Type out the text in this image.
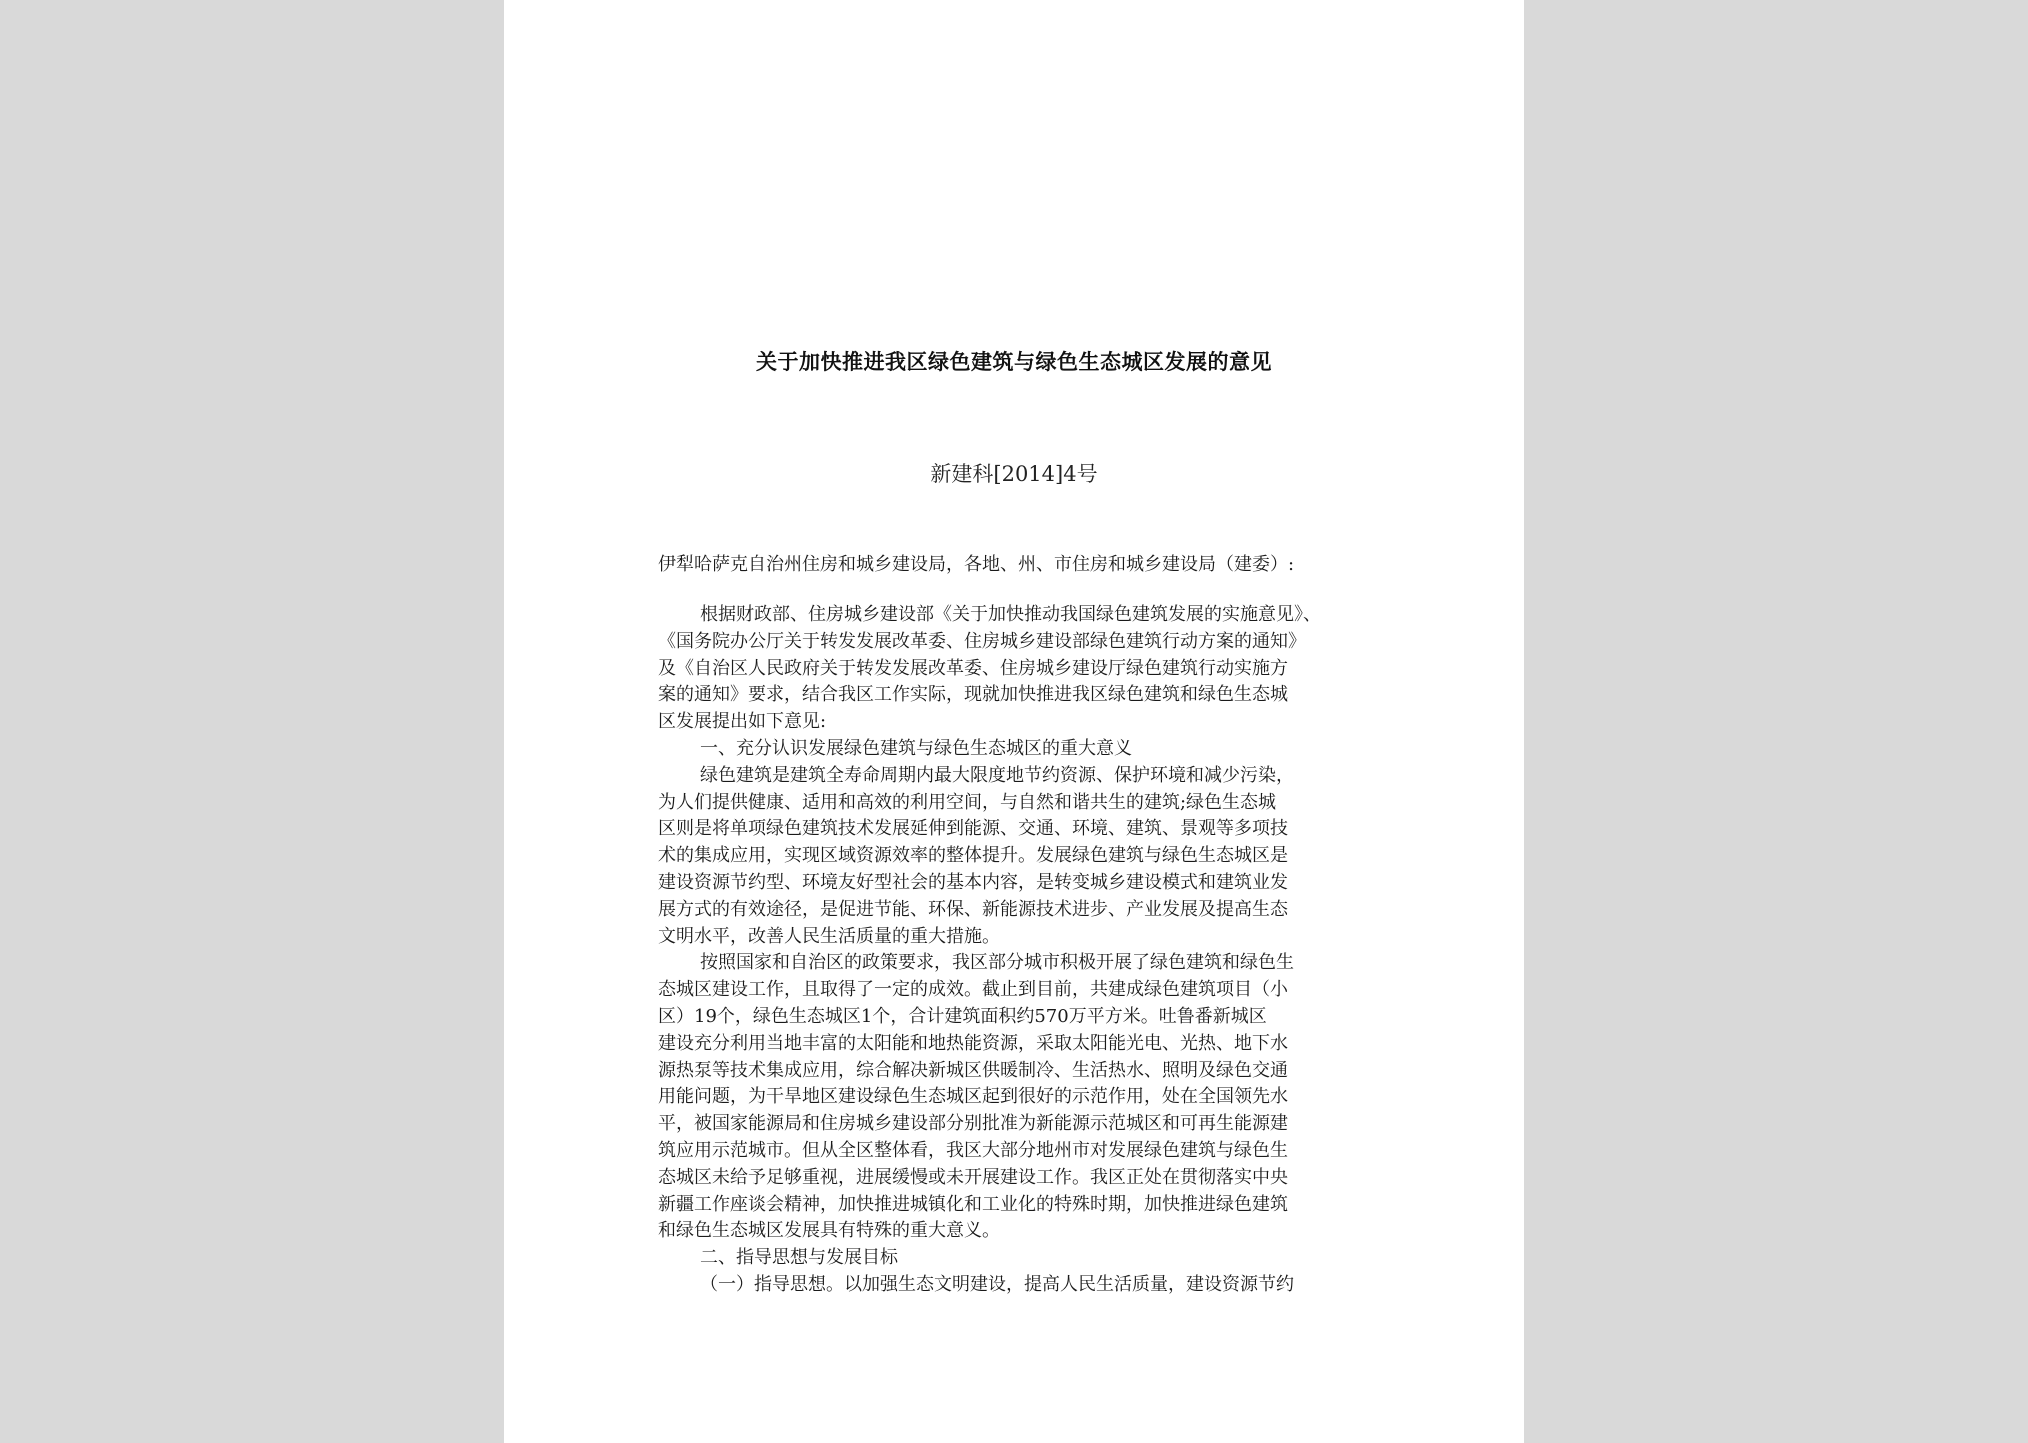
关于加快推进我区绿色建筑与绿色生态城区发展的意见
新建科[2014]4号
伊犁哈萨克自治州住房和城乡建设局，各地、州、市住房和城乡建设局（建委）:
根据财政部、住房城乡建设部《关于加快推动我国绿色建筑发展的实施意见》、
《国务院办公厅关于转发发展改革委、住房城乡建设部绿色建筑行动方案的通知》
及《自治区人民政府关于转发发展改革委、住房城乡建设厅绿色建筑行动实施方
案的通知》要求，结合我区工作实际，现就加快推进我区绿色建筑和绿色生态城
区发展提出如下意见:
一、充分认识发展绿色建筑与绿色生态城区的重大意义
绿色建筑是建筑全寿命周期内最大限度地节约资源、保护环境和减少污染，
为人们提供健康、适用和高效的利用空间，与自然和谐共生的建筑;绿色生态城
区则是将单项绿色建筑技术发展延伸到能源、交通、环境、建筑、景观等多项技
术的集成应用，实现区域资源效率的整体提升。发展绿色建筑与绿色生态城区是
建设资源节约型、环境友好型社会的基本内容，是转变城乡建设模式和建筑业发
展方式的有效途径，是促进节能、环保、新能源技术进步、产业发展及提高生态
文明水平，改善人民生活质量的重大措施。
按照国家和自治区的政策要求，我区部分城市积极开展了绿色建筑和绿色生
态城区建设工作，且取得了一定的成效。截止到目前，共建成绿色建筑项目（小
区）19个，绿色生态城区1个，合计建筑面积约570万平方米。吐鲁番新城区
建设充分利用当地丰富的太阳能和地热能资源，采取太阳能光电、光热、地下水
源热泵等技术集成应用，综合解决新城区供暖制冷、生活热水、照明及绿色交通
用能问题，为干旱地区建设绿色生态城区起到很好的示范作用，处在全国领先水
平，被国家能源局和住房城乡建设部分别批准为新能源示范城区和可再生能源建
筑应用示范城市。但从全区整体看，我区大部分地州市对发展绿色建筑与绿色生
态城区未给予足够重视，进展缓慢或未开展建设工作。我区正处在贯彻落实中央
新疆工作座谈会精神，加快推进城镇化和工业化的特殊时期，加快推进绿色建筑
和绿色生态城区发展具有特殊的重大意义。
二、指导思想与发展目标
（一）指导思想。以加强生态文明建设，提高人民生活质量，建设资源节约
